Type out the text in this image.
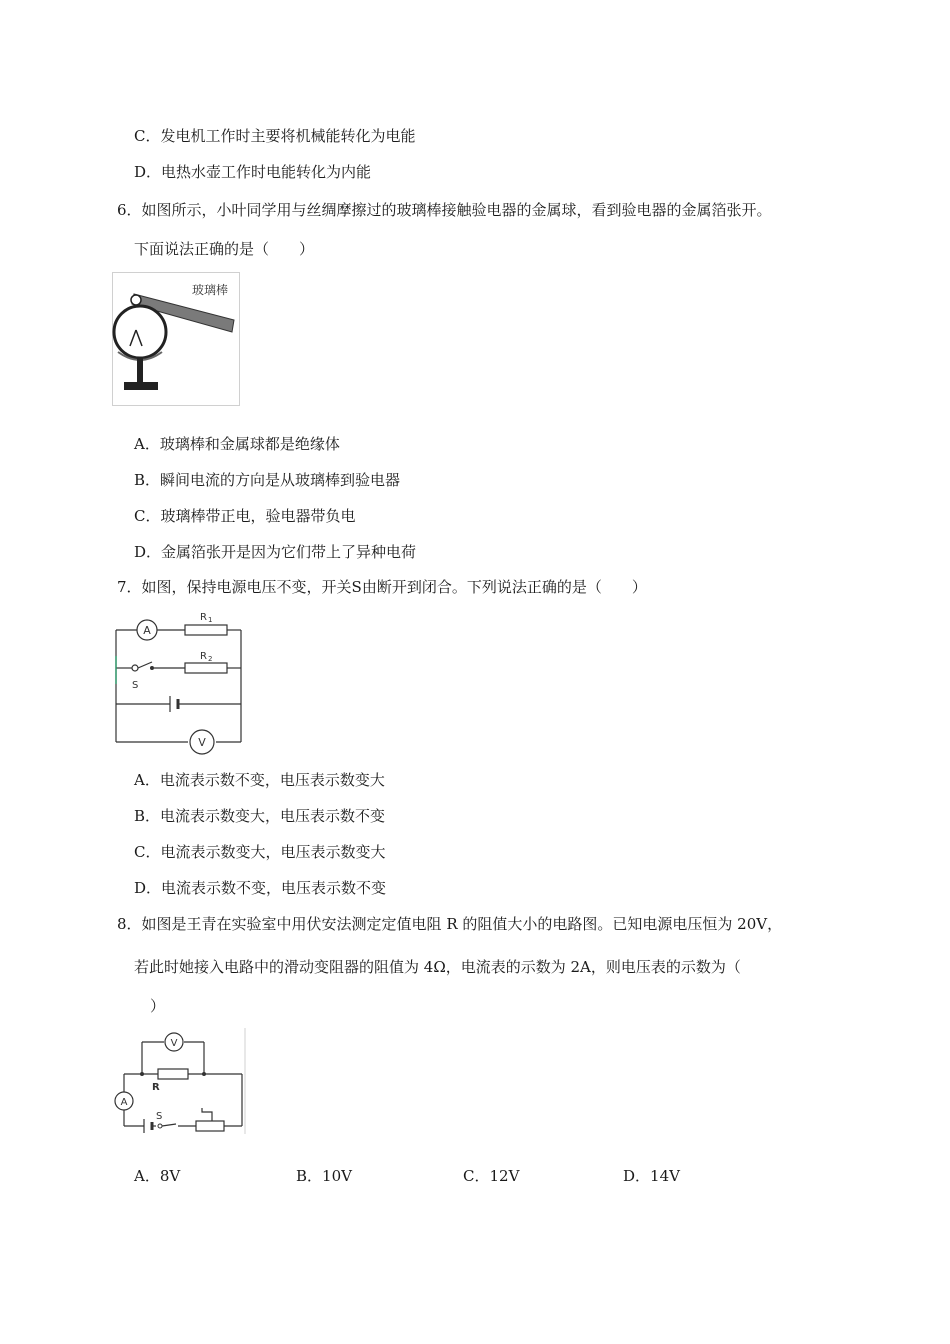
C．发电机工作时主要将机械能转化为电能
D．电热水壶工作时电能转化为内能
6．如图所示，小叶同学用与丝绸摩擦过的玻璃棒接触验电器的金属球，看到验电器的金属箔张开。
下面说法正确的是（　　）
玻璃棒
A．玻璃棒和金属球都是绝缘体
B．瞬间电流的方向是从玻璃棒到验电器
C．玻璃棒带正电，验电器带负电
D．金属箔张开是因为它们带上了异种电荷
7．如图，保持电源电压不变，开关S由断开到闭合。下列说法正确的是（　　）
A
R 1
S
R 2
V
A．电流表示数不变，电压表示数变大
B．电流表示数变大，电压表示数不变
C．电流表示数变大，电压表示数变大
D．电流表示数不变，电压表示数不变
8．如图是王青在实验室中用伏安法测定定值电阻 R 的阻值大小的电路图。已知电源电压恒为 20V，
若此时她接入电路中的滑动变阻器的阻值为 4Ω，电流表的示数为 2A，则电压表的示数为（
）
V
R
A
S
A．8V	B．10V	C．12V	D．14V
